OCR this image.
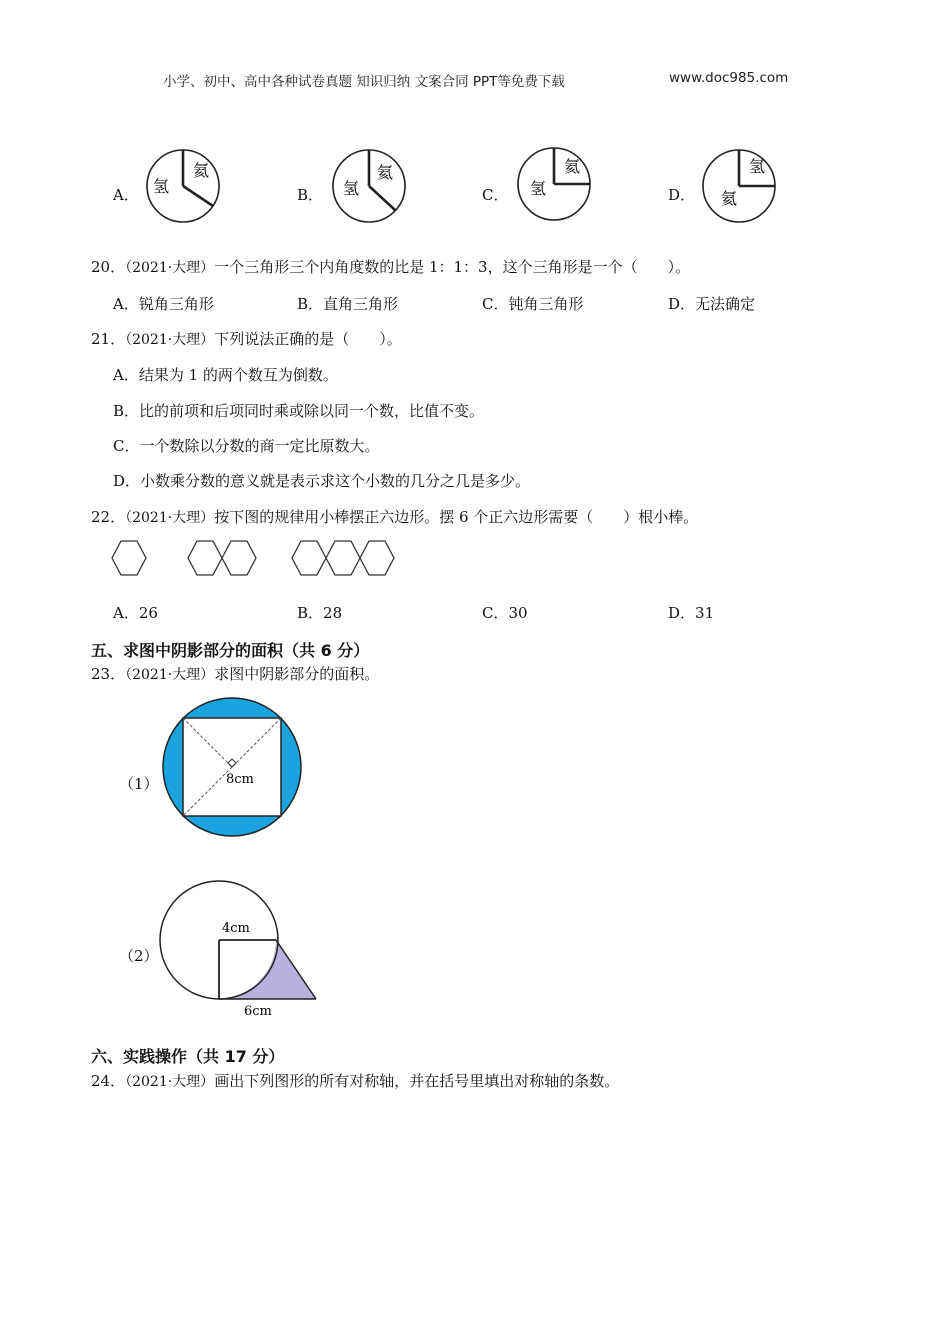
小学、初中、高中各种试卷真题 知识归纳 文案合同 PPT等免费下载	www.doc985.com
A．
氦
氢	B．
氦
氢	C．
氦
氢	D．
氢
氦
20．（2021·大理）一个三角形三个内角度数的比是 1：1：3，这个三角形是一个（　　）。
A．锐角三角形	B．直角三角形	C．钝角三角形	D．无法确定
21．（2021·大理）下列说法正确的是（　　）。
A．结果为 1 的两个数互为倒数。
B．比的前项和后项同时乘或除以同一个数，比值不变。
C．一个数除以分数的商一定比原数大。
D．小数乘分数的意义就是表示求这个小数的几分之几是多少。
22．（2021·大理）按下图的规律用小棒摆正六边形。摆 6 个正六边形需要（　　）根小棒。
A．26	B．28	C．30	D．31
五、求图中阴影部分的面积（共 6 分）
23．（2021·大理）求图中阴影部分的面积。
（1）	8cm
（2）
4cm
6cm
六、实践操作（共 17 分）
24．（2021·大理）画出下列图形的所有对称轴，并在括号里填出对称轴的条数。
